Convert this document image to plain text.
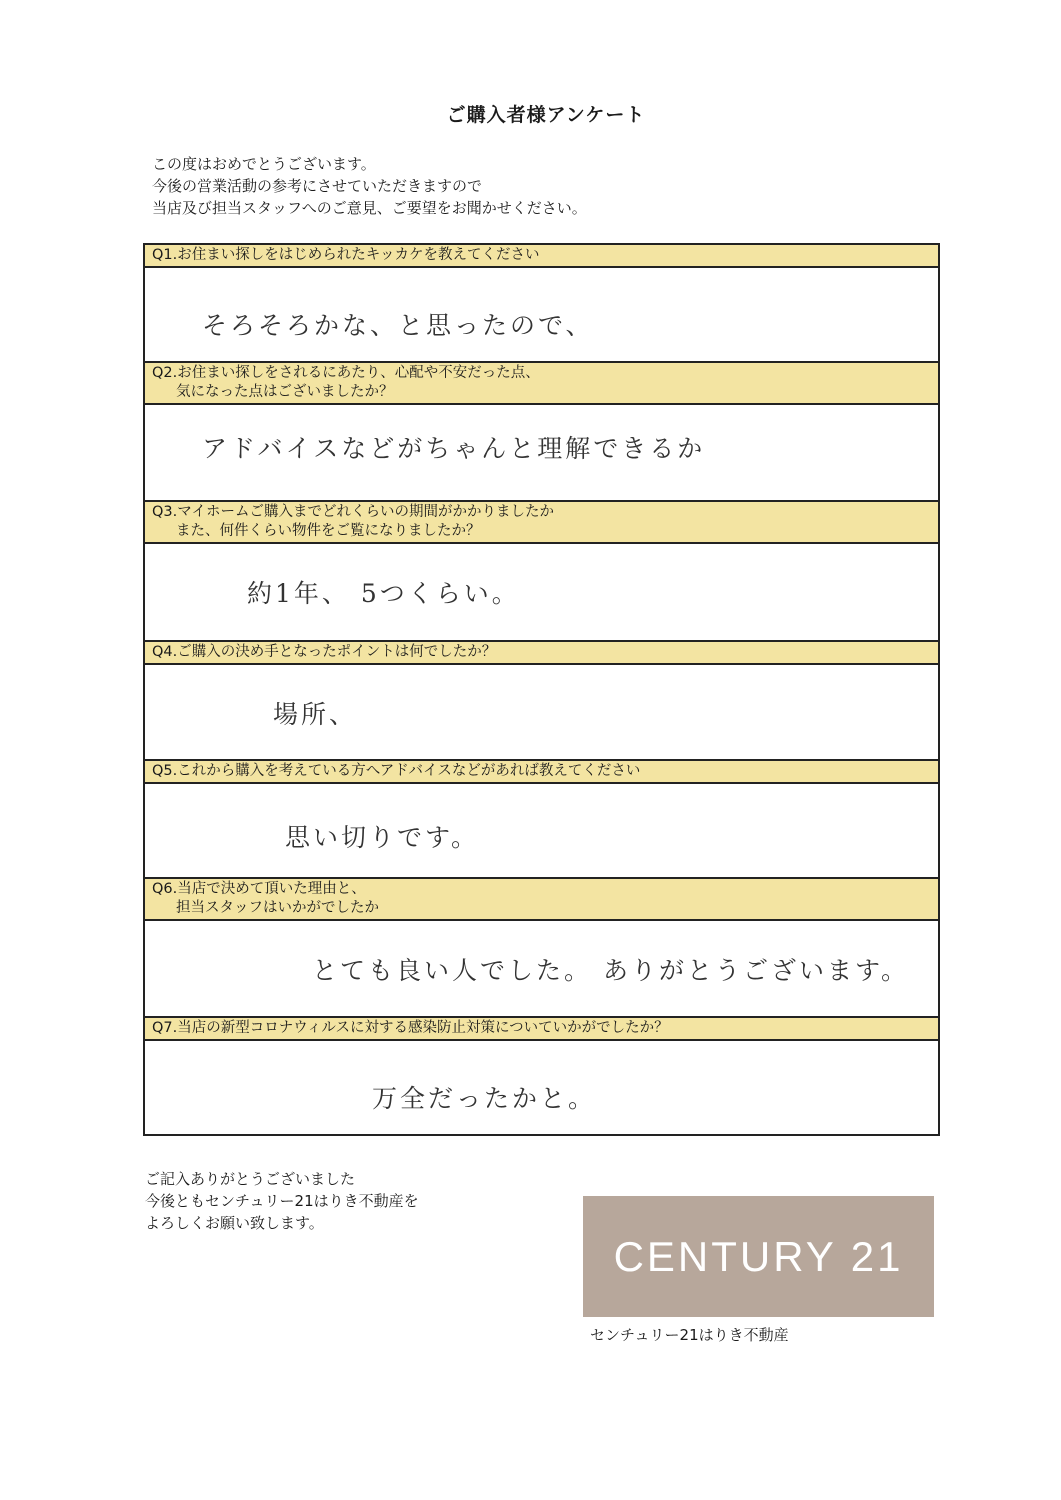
ご購入者様アンケート
この度はおめでとうございます。
今後の営業活動の参考にさせていただきますので
当店及び担当スタッフへのご意見、ご要望をお聞かせください。
Q1.お住まい探しをはじめられたキッカケを教えてください
そろそろかな、と思ったので、
Q2.お住まい探しをされるにあたり、心配や不安だった点、
気になった点はございましたか？
アドバイスなどがちゃんと理解できるか
Q3.マイホームご購入までどれくらいの期間がかかりましたか
また、何件くらい物件をご覧になりましたか？
約1年、 5つくらい。
Q4.ご購入の決め手となったポイントは何でしたか？
場所、
Q5.これから購入を考えている方へアドバイスなどがあれば教えてください
思い切りです。
Q6.当店で決めて頂いた理由と、
担当スタッフはいかがでしたか
とても良い人でした。 ありがとうございます。
Q7.当店の新型コロナウィルスに対する感染防止対策についていかがでしたか？
万全だったかと。
ご記入ありがとうございました
今後ともセンチュリー21はりき不動産を
よろしくお願い致します。
CENTURY 21
センチュリー21はりき不動産
